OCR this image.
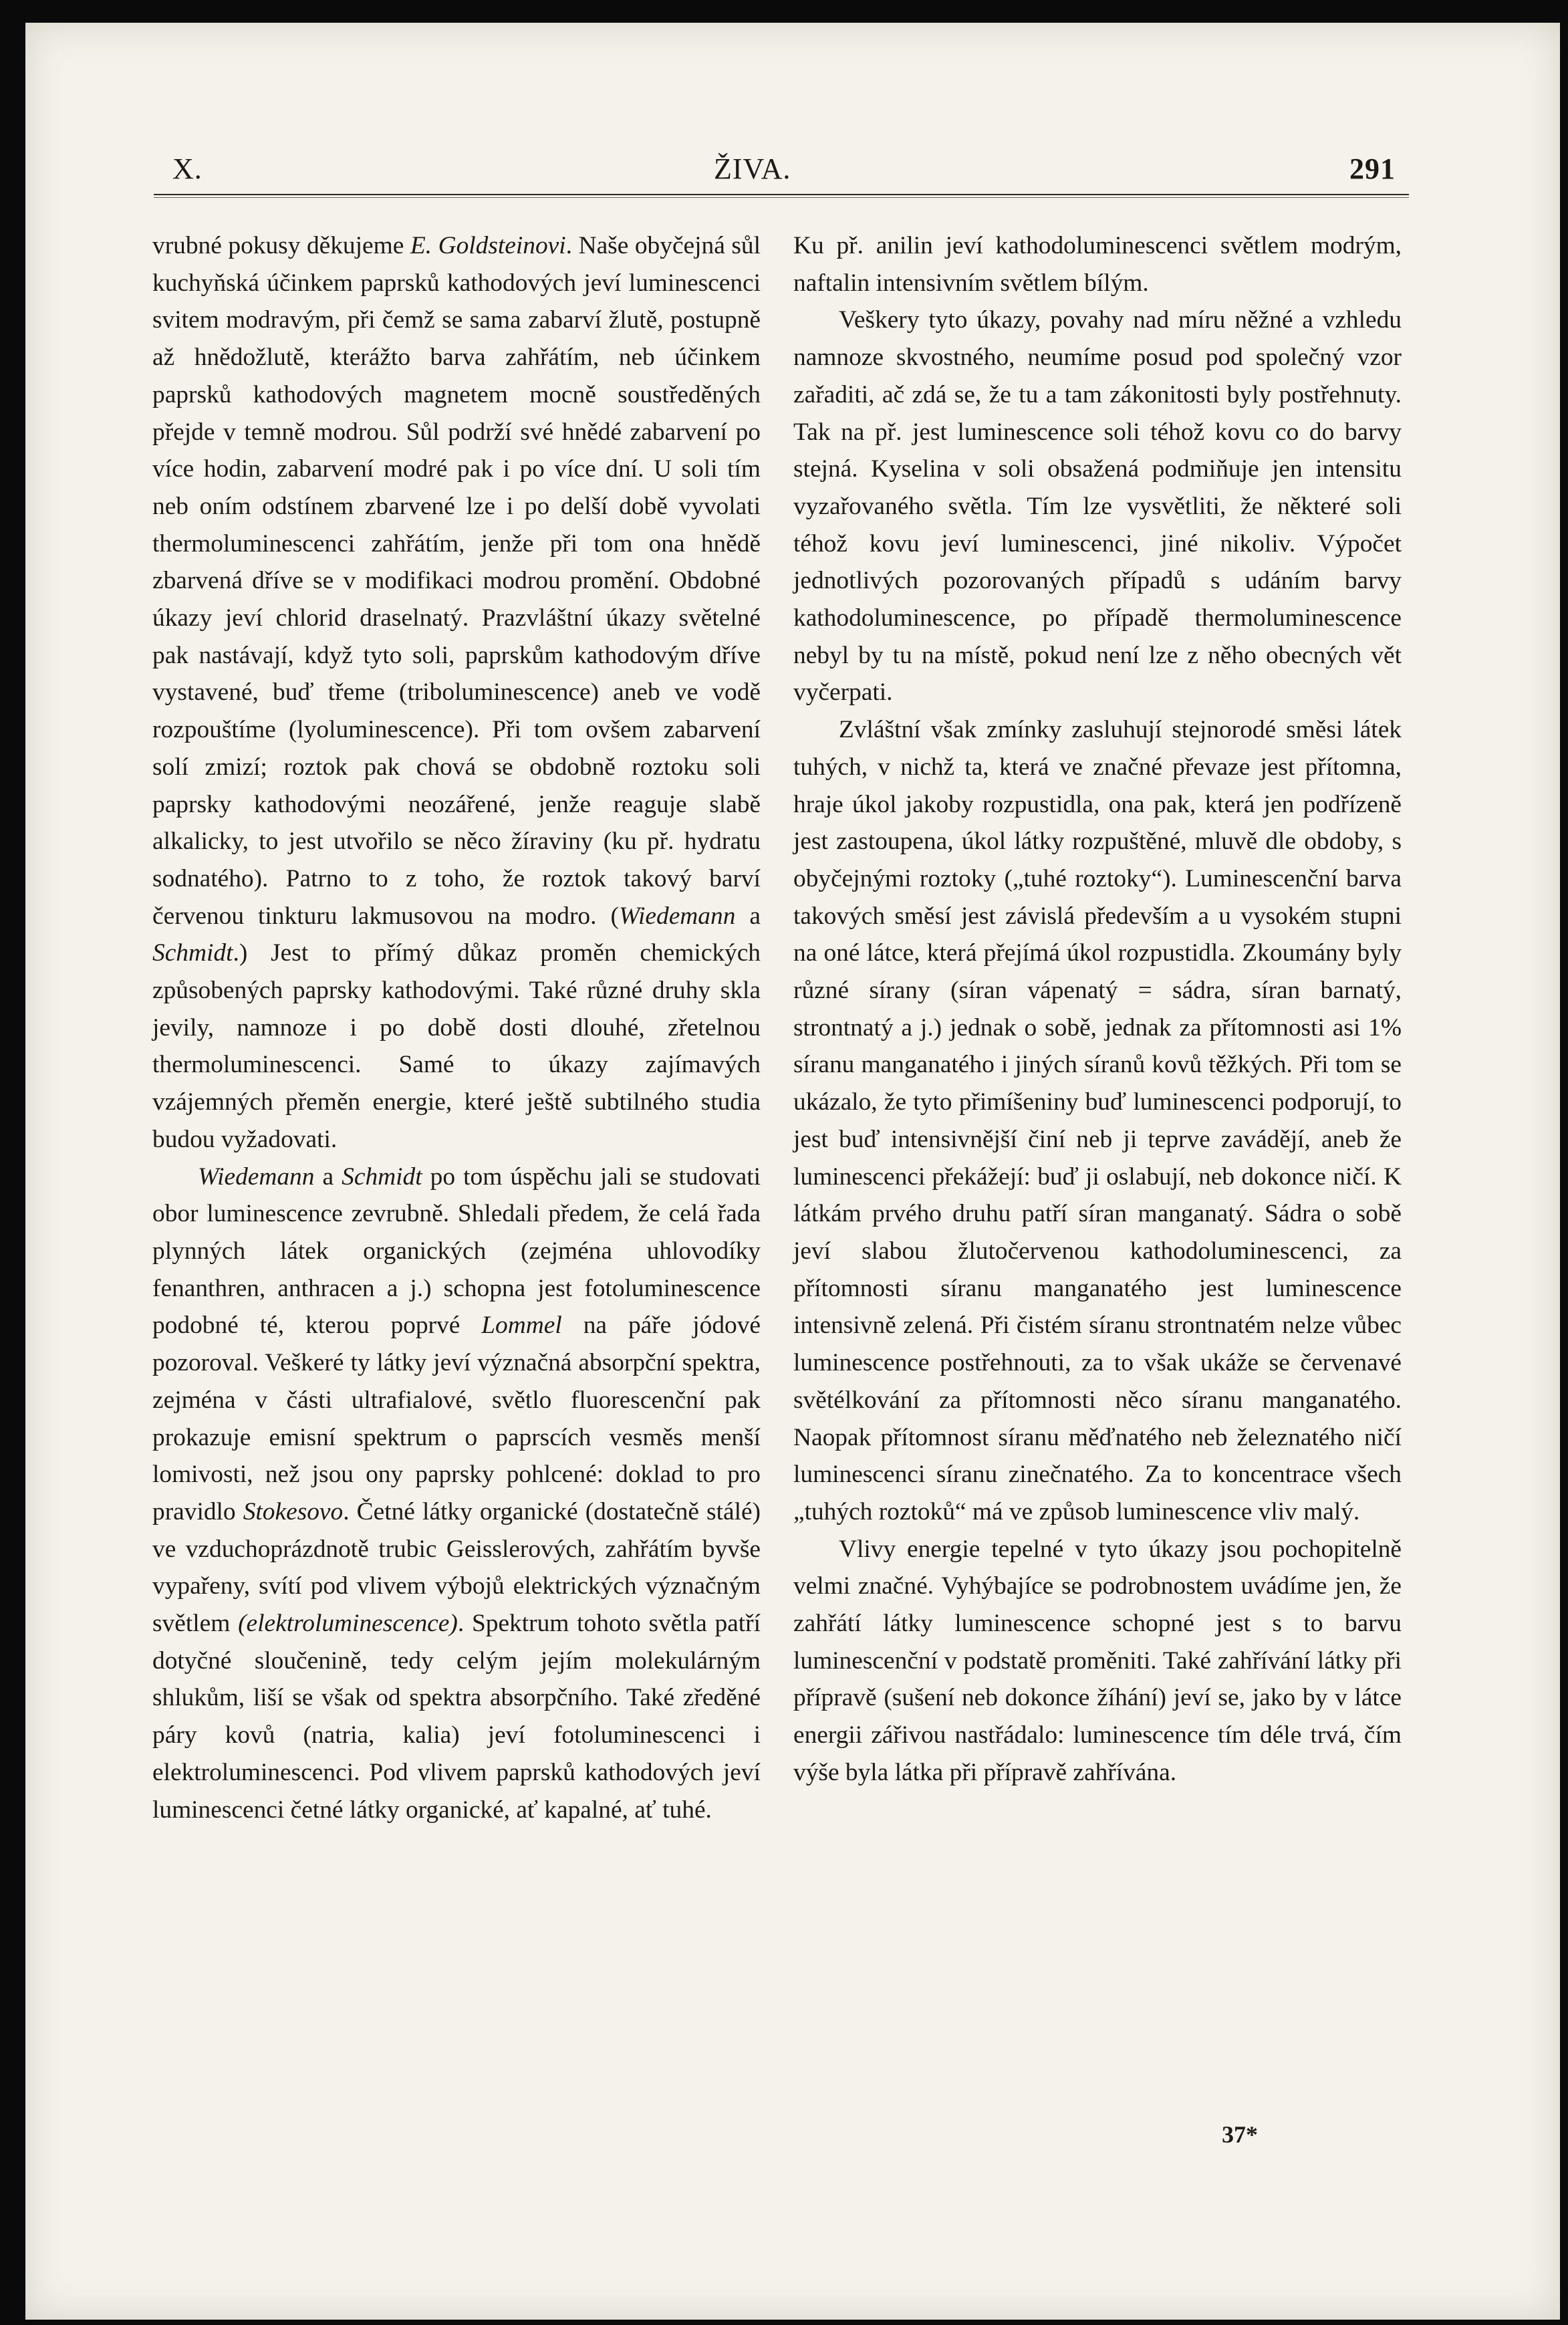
X.	ŽIVA.	291

vrubné pokusy děkujeme E. Goldsteinovi. Naše obyčejná sůl kuchyňská účinkem paprsků kathodových jeví luminescenci svitem modravým, při čemž se sama zabarví žlutě, postupně až hnědožlutě, kterážto barva zahřátím, neb účinkem paprsků kathodových magnetem mocně soustředěných přejde v temně modrou. Sůl podrží své hnědé zabarvení po více hodin, zabarvení modré pak i po více dní. U soli tím neb oním odstínem zbarvené lze i po delší době vyvolati thermoluminescenci zahřátím, jenže při tom ona hnědě zbarvená dříve se v modifikaci modrou promění. Obdobné úkazy jeví chlorid draselnatý. Prazvláštní úkazy světelné pak nastávají, když tyto soli, paprskům kathodovým dříve vystavené, buď třeme (triboluminescence) aneb ve vodě rozpouštíme (lyoluminescence). Při tom ovšem zabarvení solí zmizí; roztok pak chová se obdobně roztoku soli paprsky kathodovými neozářené, jenže reaguje slabě alkalicky, to jest utvořilo se něco žíraviny (ku př. hydratu sodnatého). Patrno to z toho, že roztok takový barví červenou tinkturu lakmusovou na modro. (Wiedemann a Schmidt.) Jest to přímý důkaz proměn chemických způsobených paprsky kathodovými. Také různé druhy skla jevily, namnoze i po době dosti dlouhé, zřetelnou thermoluminescenci. Samé to úkazy zajímavých vzájemných přeměn energie, které ještě subtilného studia budou vyžadovati.

Wiedemann a Schmidt po tom úspěchu jali se studovati obor luminescence zevrubně. Shledali předem, že celá řada plynných látek organických (zejména uhlovodíky fenanthren, anthracen a j.) schopna jest fotoluminescence podobné té, kterou poprvé Lommel na páře jódové pozoroval. Veškeré ty látky jeví význačná absorpční spektra, zejména v části ultrafialové, světlo fluorescenční pak prokazuje emisní spektrum o paprscích vesměs menší lomivosti, než jsou ony paprsky pohlcené: doklad to pro pravidlo Stokesovo. Četné látky organické (dostatečně stálé) ve vzduchoprázdnotě trubic Geisslerových, zahřátím byvše vypařeny, svítí pod vlivem výbojů elektrických význačným světlem (elektroluminescence). Spektrum tohoto světla patří dotyčné sloučenině, tedy celým jejím molekulárným shlukům, liší se však od spektra absorpčního. Také zředěné páry kovů (natria, kalia) jeví fotoluminescenci i elektroluminescenci. Pod vlivem paprsků kathodových jeví luminescenci četné látky organické, ať kapalné, ať tuhé.

Ku př. anilin jeví kathodoluminescenci světlem modrým, naftalin intensivním světlem bílým.

Veškery tyto úkazy, povahy nad míru něžné a vzhledu namnoze skvostného, neumíme posud pod společný vzor zařaditi, ač zdá se, že tu a tam zákonitosti byly postřehnuty. Tak na př. jest luminescence soli téhož kovu co do barvy stejná. Kyselina v soli obsažená podmiňuje jen intensitu vyzařovaného světla. Tím lze vysvětliti, že některé soli téhož kovu jeví luminescenci, jiné nikoliv. Výpočet jednotlivých pozorovaných případů s udáním barvy kathodoluminescence, po případě thermoluminescence nebyl by tu na místě, pokud není lze z něho obecných vět vyčerpati.

Zvláštní však zmínky zasluhují stejnorodé směsi látek tuhých, v nichž ta, která ve značné převaze jest přítomna, hraje úkol jakoby rozpustidla, ona pak, která jen podřízeně jest zastoupena, úkol látky rozpuštěné, mluvě dle obdoby, s obyčejnými roztoky („tuhé roztoky“). Luminescenční barva takových směsí jest závislá především a u vysokém stupni na oné látce, která přejímá úkol rozpustidla. Zkoumány byly různé sírany (síran vápenatý = sádra, síran barnatý, strontnatý a j.) jednak o sobě, jednak za přítomnosti asi 1% síranu manganatého i jiných síranů kovů těžkých. Při tom se ukázalo, že tyto přimíšeniny buď luminescenci podporují, to jest buď intensivnější činí neb ji teprve zavádějí, aneb že luminescenci překážejí: buď ji oslabují, neb dokonce ničí. K látkám prvého druhu patří síran manganatý. Sádra o sobě jeví slabou žlutočervenou kathodoluminescenci, za přítomnosti síranu manganatého jest luminescence intensivně zelená. Při čistém síranu strontnatém nelze vůbec luminescence postřehnouti, za to však ukáže se červenavé světélkování za přítomnosti něco síranu manganatého. Naopak přítomnost síranu měďnatého neb železnatého ničí luminescenci síranu zinečnatého. Za to koncentrace všech „tuhých roztoků“ má ve způsob luminescence vliv malý.

Vlivy energie tepelné v tyto úkazy jsou pochopitelně velmi značné. Vyhýbajíce se podrobnostem uvádíme jen, že zahřátí látky luminescence schopné jest s to barvu luminescenční v podstatě proměniti. Také zahřívání látky při přípravě (sušení neb dokonce žíhání) jeví se, jako by v látce energii zářivou nastřádalo: luminescence tím déle trvá, čím výše byla látka při přípravě zahřívána.

37*
